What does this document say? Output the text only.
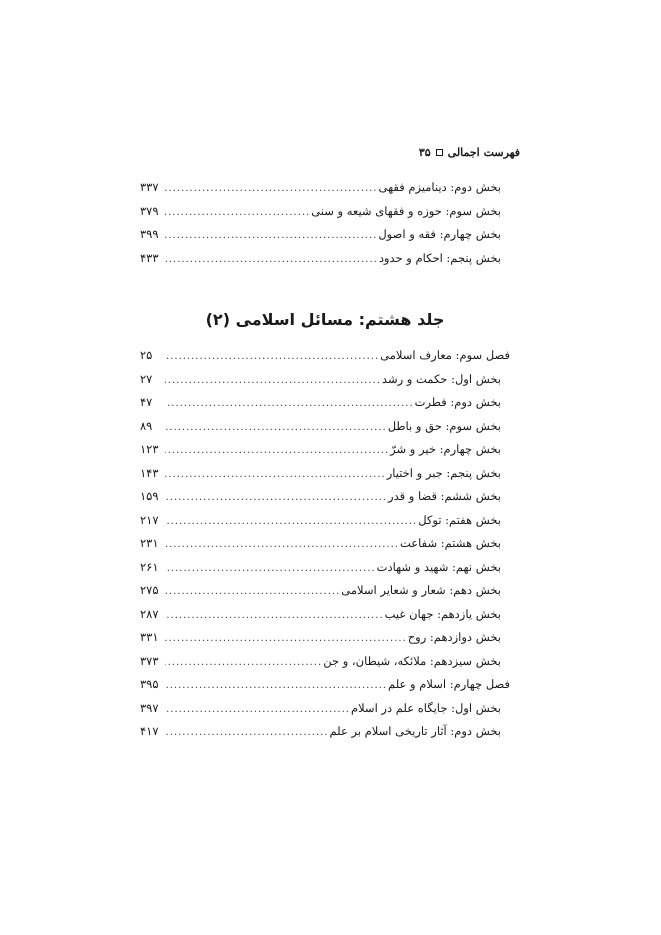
فهرست اجمالی
۳۵
بخش دوم: دینامیزم فقهی
.....
۳۳۷
بخش سوم: حوزه و فقهای شیعه و سنی
.....
۳۷۹
بخش چهارم: فقه و اصول
.....
۳۹۹
بخش پنجم: احکام و حدود
.....
۴۳۳
جلد هشتم: مسائل اسلامی (۲)
فصل سوم: معارف اسلامی
.....
۲۵
بخش اول: حکمت و رشد
.....
۲۷
بخش دوم: فطرت
.....
۴۷
بخش سوم: حق و باطل
.....
۸۹
بخش چهارم: خیر و شرّ
.....
۱۲۳
بخش پنجم: جبر و اختیار
.....
۱۴۳
بخش ششم: قضا و قدر
.....
۱۵۹
بخش هفتم: توکل
.....
۲۱۷
بخش هشتم: شفاعت
.....
۲۳۱
بخش نهم: شهید و شهادت
.....
۲۶۱
بخش دهم: شعار و شعایر اسلامی
.....
۲۷۵
بخش یازدهم: جهان غیب
.....
۲۸۷
بخش دوازدهم: روح
.....
۳۳۱
بخش سیزدهم: ملائکه، شیطان، و جن
.....
۳۷۳
فصل چهارم: اسلام و علم
.....
۳۹۵
بخش اول: جایگاه علم در اسلام
.....
۳۹۷
بخش دوم: آثار تاریخی اسلام بر علم
.....
۴۱۷
